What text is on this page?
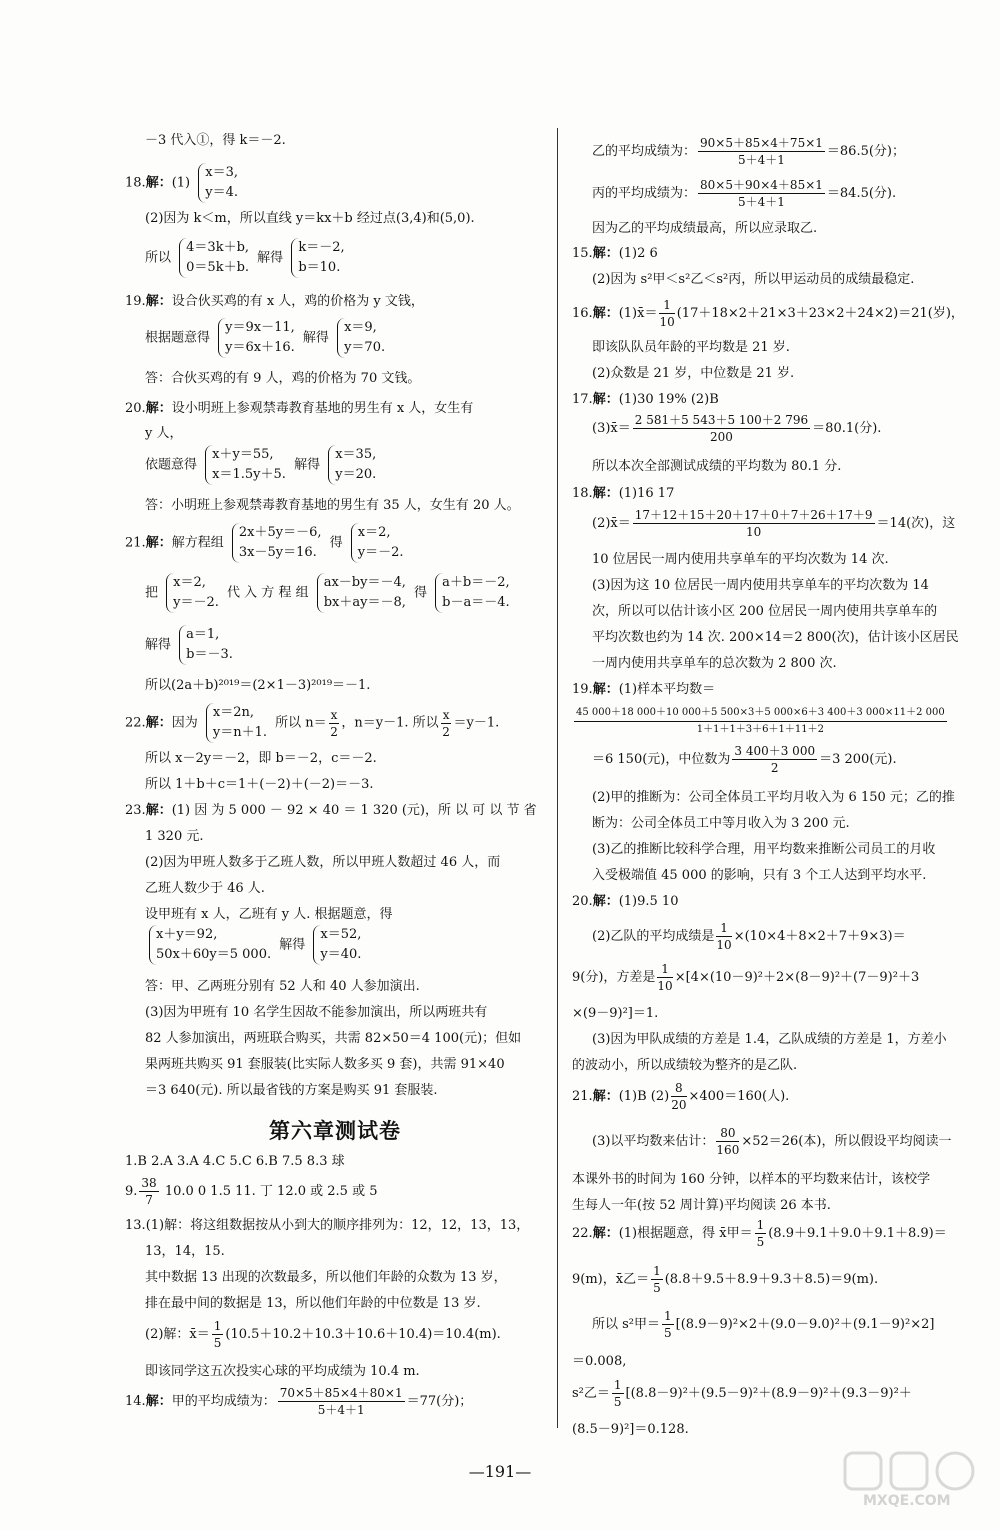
－3 代入①，得 k＝－2.
18.解：(1)
x＝3,
y＝4.
(2)因为 k＜m，所以直线 y＝kx＋b 经过点(3,4)和(5,0).
所以
4＝3k＋b,
0＝5k＋b.
解得
k＝－2,
b＝10.
19.解：设合伙买鸡的有 x 人，鸡的价格为 y 文钱，
根据题意得
y＝9x－11,
y＝6x＋16.
解得
x＝9,
y＝70.
答：合伙买鸡的有 9 人，鸡的价格为 70 文钱。
20.解：设小明班上参观禁毒教育基地的男生有 x 人，女生有
y 人，
依题意得
x＋y＝55,
x＝1.5y＋5.
解得
x＝35,
y＝20.
答：小明班上参观禁毒教育基地的男生有 35 人，女生有 20 人。
21.解：解方程组
2x＋5y＝－6,
3x－5y＝16.
得
x＝2,
y＝－2.
把
x＝2,
y＝－2.
代 入 方 程 组
ax－by＝－4,
bx＋ay＝－8,
得
a＋b＝－2,
b－a＝－4.
解得
a＝1,
b＝－3.
所以(2a＋b)²⁰¹⁹＝(2×1－3)²⁰¹⁹＝－1.
22.解：因为
x＝2n,
y＝n＋1.
所以 $n= \frac{x}{2}$ ，n＝y－1. 所以 $\frac{x}{2} =y-1$.
所以 x－2y＝－2，即 b＝－2，c＝－2.
所以 1＋b＋c＝1＋(－2)＋(－2)＝－3.
23.解：(1) 因 为 5 000 － 92 × 40 ＝ 1 320 (元)，所 以 可 以 节 省
1 320 元.
(2)因为甲班人数多于乙班人数，所以甲班人数超过 46 人，而
乙班人数少于 46 人.
设甲班有 x 人，乙班有 y 人. 根据题意，得
x＋y＝92,
50x＋60y＝5 000.
解得
x＝52,
y＝40.
答：甲、乙两班分别有 52 人和 40 人参加演出.
(3)因为甲班有 10 名学生因故不能参加演出，所以两班共有
82 人参加演出，两班联合购买，共需 82×50＝4 100(元)；但如
果两班共购买 91 套服装(比实际人数多买 9 套)，共需 91×40
＝3 640(元). 所以最省钱的方案是购买 91 套服装.
第六章测试卷
1.B 2.A 3.A 4.C 5.C 6.B 7.5 8.3 球
9. $\frac{38}{7} 10.0$ 0 1.5 11. 丁 12.0 或 2.5 或 5
13.(1)解：将这组数据按从小到大的顺序排列为：12，12，13，13，
13，14，15.
其中数据 13 出现的次数最多，所以他们年龄的众数为 13 岁，
排在最中间的数据是 13，所以他们年龄的中位数是 13 岁.
(2)解：x̄＝ $\frac{1}{5} (10.5+10.2+10.3+10.6+10.4)=10.4(m)$.
即该同学这五次投实心球的平均成绩为 10.4 m.
14.解：甲的平均成绩为： $\frac{70\times 5+85\times 4+80\times 1}{5+4+1} =77$(分)；
乙的平均成绩为： $\frac{90\times 5+85\times 4+75\times 1}{5+4+1} =86.5$(分)；
丙的平均成绩为： $\frac{80\times 5+90\times 4+85\times 1}{5+4+1} =84.5$(分).
因为乙的平均成绩最高，所以应录取乙.
15.解：(1)2 6
(2)因为 s²甲＜s²乙＜s²丙，所以甲运动员的成绩最稳定.
16.解：(1)x̄＝ $\frac{1}{10} (17+18\times 2+21\times 3+23\times 2+24\times 2)=21$(岁)，
即该队队员年龄的平均数是 21 岁.
(2)众数是 21 岁，中位数是 21 岁.
17.解：(1)30 19% (2)B
(3)x̄＝ $\frac{2 581+5 543+5 100+2 796}{200} =80.1$(分).
所以本次全部测试成绩的平均数为 80.1 分.
18.解：(1)16 17
(2)x̄＝ $\frac{17+12+15+20+17+0+7+26+17+9}{10} =14$(次)，这
10 位居民一周内使用共享单车的平均次数为 14 次.
(3)因为这 10 位居民一周内使用共享单车的平均次数为 14
次，所以可以估计该小区 200 位居民一周内使用共享单车的
平均次数也约为 14 次. 200×14＝2 800(次)，估计该小区居民
一周内使用共享单车的总次数为 2 800 次.
19.解：(1)样本平均数＝
$\frac{45 000+18 000+10 000+5 500\times 3+5 000\times 6+3 400+3 000\times 11+2 000}{1+1+1+3+6+1+11+2}$
＝6 150(元)，中位数为 $\frac{3 400+3 000}{2} =3$ 200(元).
(2)甲的推断为：公司全体员工平均月收入为 6 150 元；乙的推
断为：公司全体员工中等月收入为 3 200 元.
(3)乙的推断比较科学合理，用平均数来推断公司员工的月收
入受极端值 45 000 的影响，只有 3 个工人达到平均水平.
20.解：(1)9.5 10
(2)乙队的平均成绩是 $\frac{1}{10} \times(10\times 4+8\times 2+7+9\times 3)=$
9(分)，方差是 $\frac{1}{10} \times[4\times(10-9)^2+2\times(8-9)^2+(7-9)^2+3$
×(9－9)²]＝1.
(3)因为甲队成绩的方差是 1.4，乙队成绩的方差是 1，方差小
的波动小，所以成绩较为整齐的是乙队.
21.解：(1)B $(2) \frac{8}{20} \times 400=160$(人).
(3)以平均数来估计： $\frac{80}{160} \times 52=26$(本)，所以假设平均阅读一
本课外书的时间为 160 分钟，以样本的平均数来估计，该校学
生每人一年(按 52 周计算)平均阅读 26 本书.
22.解：(1)根据题意，得 x̄甲＝ $\frac{1}{5} (8.9+9.1+9.0+9.1+8.9)=$
9(m)，x̄乙＝ $\frac{1}{5} (8.8+9.5+8.9+9.3+8.5)=9(m)$.
所以 s²甲＝ $\frac{1}{5} [(8.9-9)^2\times 2+(9.0-9.0)^2+(9.1-9)^2\times 2]$
＝0.008,
s²乙＝ $\frac{1}{5} [(8.8-9)^2+(9.5-9)^2+(8.9-9)^2+(9.3-9)^2+$
(8.5－9)²]＝0.128.
—191—
MXQE.COM
